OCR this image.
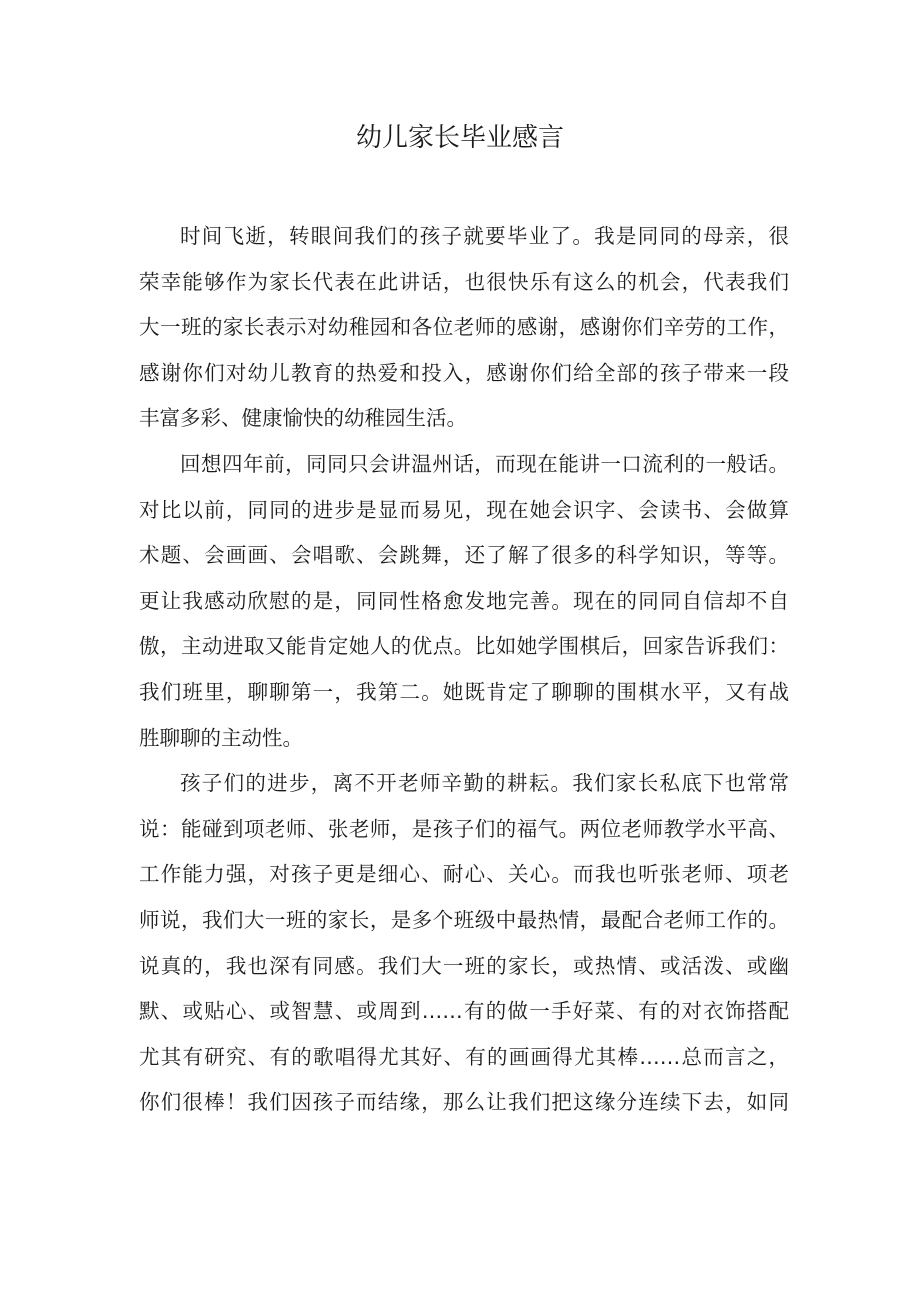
幼儿家长毕业感言

时间飞逝，转眼间我们的孩子就要毕业了。我是同同的母亲，很
荣幸能够作为家长代表在此讲话，也很快乐有这么的机会，代表我们
大一班的家长表示对幼稚园和各位老师的感谢，感谢你们辛劳的工作，
感谢你们对幼儿教育的热爱和投入，感谢你们给全部的孩子带来一段
丰富多彩、健康愉快的幼稚园生活。

回想四年前，同同只会讲温州话，而现在能讲一口流利的一般话。
对比以前，同同的进步是显而易见，现在她会识字、会读书、会做算
术题、会画画、会唱歌、会跳舞，还了解了很多的科学知识，等等。
更让我感动欣慰的是，同同性格愈发地完善。现在的同同自信却不自
傲，主动进取又能肯定她人的优点。比如她学围棋后，回家告诉我们：
我们班里，聊聊第一，我第二。她既肯定了聊聊的围棋水平，又有战
胜聊聊的主动性。

孩子们的进步，离不开老师辛勤的耕耘。我们家长私底下也常常
说：能碰到项老师、张老师，是孩子们的福气。两位老师教学水平高、
工作能力强，对孩子更是细心、耐心、关心。而我也听张老师、项老
师说，我们大一班的家长，是多个班级中最热情，最配合老师工作的。
说真的，我也深有同感。我们大一班的家长，或热情、或活泼、或幽
默、或贴心、或智慧、或周到……有的做一手好菜、有的对衣饰搭配
尤其有研究、有的歌唱得尤其好、有的画画得尤其棒……总而言之，
你们很棒！我们因孩子而结缘，那么让我们把这缘分连续下去，如同
